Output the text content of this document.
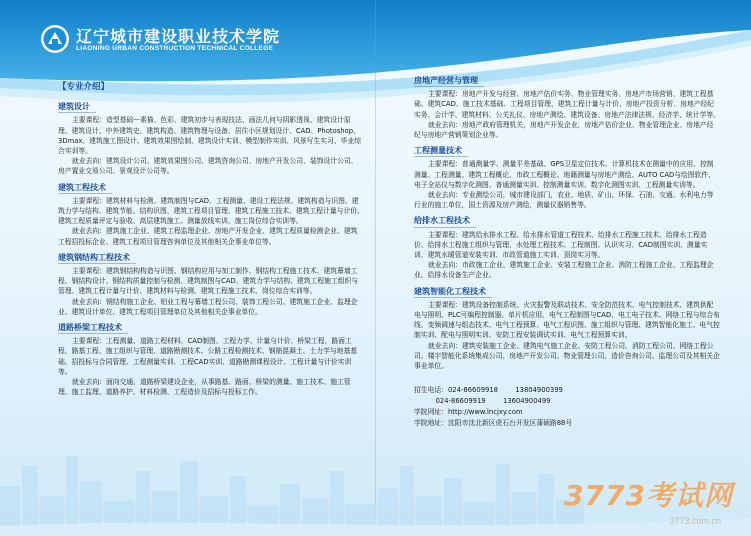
辽宁城市建设职业技术学院
LIAONING URBAN CONSTRUCTION TECHNICAL COLLEGE
【专业介绍】
建筑设计
主要课程：造型基础—素描、色彩、建筑初步与表现技法、画法几何与阴影透视、建筑设计原理、建筑设计、中外建筑史、建筑构造、建筑物理与设备、居住小区规划设计、CAD、Photoshop、3Dmax、建筑施工图设计、建筑效果图绘制、建筑设计实训、模型制作实训、风景写生实习、毕业综合实训等。
就业去向：建筑设计公司、建筑效果图公司、建筑咨询公司、房地产开发公司、装饰设计公司、房产置业交易公司、景观设计公司等。
建筑工程技术
主要课程：建筑材料与检测、建筑制图与CAD、工程测量、建设工程法规、建筑构造与识图、建筑力学与结构、建筑节能、结构识图、建筑工程项目管理、建筑工程施工技术、建筑工程计量与计价、建筑工程质量评定与验收、高层建筑施工、测量放线实训、施工岗位综合实训等。
就业去向：建筑施工企业、建筑工程监理企业、房地产开发企业、建筑工程质量检测企业、建筑工程招投标企业、建筑工程项目管理咨询单位及其他相关企事业单位等。
建筑钢结构工程技术
主要课程：建筑钢结构构造与识图、钢结构应用与加工制作、钢结构工程施工技术、建筑幕墙工程、钢结构设计、钢结构质量控制与检测、建筑制图与CAD、建筑力学与结构、建筑工程施工组织与管理、建筑工程计量与计价、建筑材料与检测、建筑工程施工技术、岗位综合实训等。
就业去向：钢结构施工企业、铝业工程与幕墙工程公司、装饰工程公司、建筑施工企业、监理企业、建筑设计单位、建筑工程项目管理单位及其他相关企事业单位。
道路桥梁工程技术
主要课程：工程测量、道路工程材料、CAD制图、工程力学、计量与计价、桥梁工程、路面工程、路基工程、施工组织与管理、道路勘测技术、公路工程检测技术、钢筋混凝土、土力学与地基基础、招投标与合同管理、工程测量实训、工程CAD实训、道路勘测课程设计、工程计量与计价实训等。
就业去向：面向交通、道路桥梁建设企业，从事路基、路面、桥梁的测量、施工技术、施工管理、施工监理、道路养护、材料检测、工程造价及招标与投标工作。
房地产经营与管理
主要课程：房地产开发与经营、房地产估价实务、物业管理实务、房地产市场营销、建筑工程基础、建筑CAD、施工技术基础、工程项目管理、建筑工程计量与计价、房地产投资分析、房地产经纪实务、会计学、建筑材料、公关礼仪、房地产测绘、建筑设备、房地产法律法规、经济学、统计学等。
就业去向：房地产政府管理机关，房地产开发企业，房地产估价企业、物业管理企业、房地产经纪与房地产营销策划企业等。
工程测量技术
主要课程：普通测量学、测量平差基础、GPS卫星定位技术、计算机技术在测量中的应用、控制测量、工程测量、建筑工程概论、市政工程概论、地籍测量与房地产测绘、AUTO CAD与绘图软件、电子全站仪与数字化测图、普通测量实训、控制测量实训、数字化测图实训、工程测量实训等。
就业去向：专业测绘公司，城市建设部门，农业、地质、矿山、环保、石油、交通、水利电力等行业的施工单位，国土资源及房产测绘，测量仪器销售等。
给排水工程技术
主要课程：建筑给水排水工程、给水排水管道工程技术、给排水工程施工技术、给排水工程造价、给排水工程施工组织与管理、水处理工程技术、工程制图、认识实习、CAD制图实训、测量实训、建筑水暖管道安装实训、市政管道施工实训、顶岗实习等。
就业去向：市政施工企业、建筑施工企业、安装工程施工企业、消防工程施工企业、工程监理企业、给排水设备生产企业。
建筑智能化工程技术
主要课程：建筑设备控制系统、火灾报警及联动技术、安全防范技术、电气控制技术、建筑供配电与照明、PLC可编程控制器、单片机应用、电气工程制图与CAD、电工电子技术、网络工程与综合布线、变频调速与组态技术、电气工程预算、电气工程识图、施工组织与管理、建筑智能化施工、电气控制实训、配电与照明实训、安防工程安装调试实训、电气工程预算实训。
就业去向：建筑安装施工企业、建筑电气施工企业、安防工程公司、消防工程公司、网络工程公司、楼宇智能化系统集成公司、房地产开发公司、物业管理公司、造价咨询公司、监理公司及其相关企事业单位。
招生电话：024-86609918	13804900399
024-86609919	13604900499
学院网址：http://www.lncjxy.com
学院地址：沈阳市沈北新区虎石台开发区蒲硕路88号
3773考试网
3773.com.cn
